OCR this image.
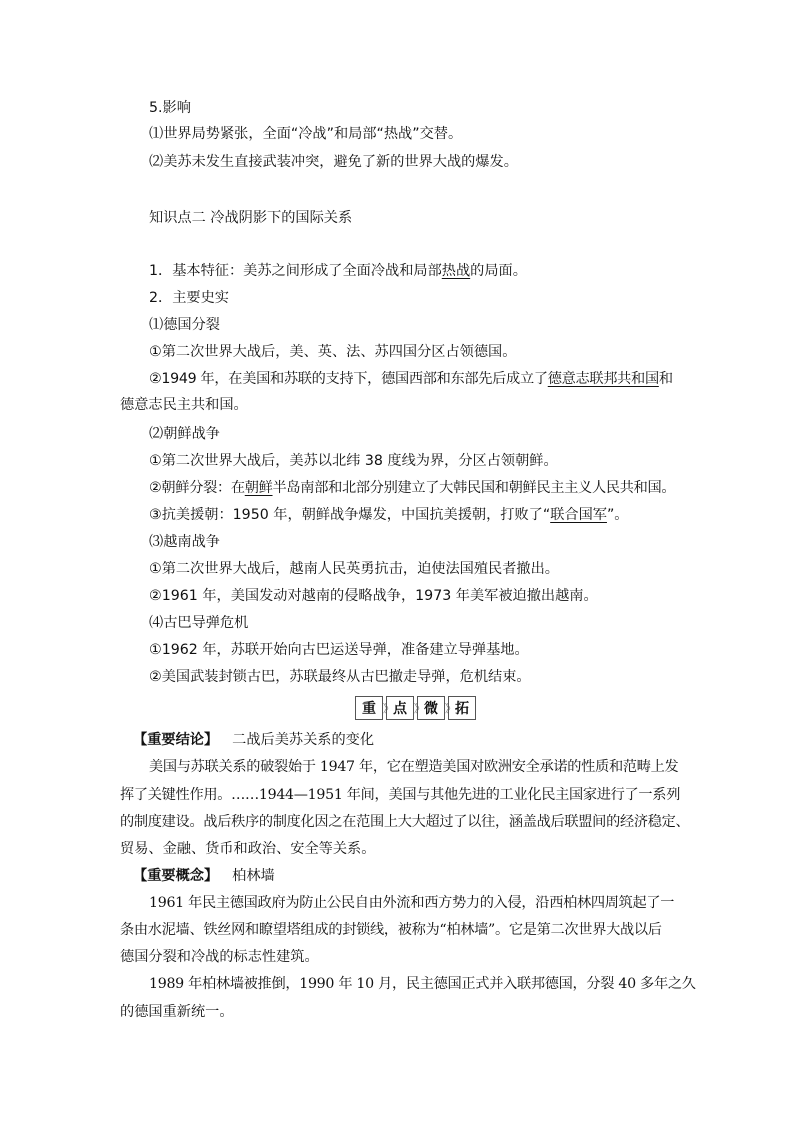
5.影响
⑴世界局势紧张，全面“冷战”和局部“热战”交替。
⑵美苏未发生直接武装冲突，避免了新的世界大战的爆发。
知识点二 冷战阴影下的国际关系
1．基本特征：美苏之间形成了全面冷战和局部热战的局面。
2．主要史实
⑴德国分裂
①第二次世界大战后，美、英、法、苏四国分区占领德国。
②1949 年，在美国和苏联的支持下，德国西部和东部先后成立了德意志联邦共和国和
德意志民主共和国。
⑵朝鲜战争
①第二次世界大战后，美苏以北纬 38 度线为界，分区占领朝鲜。
②朝鲜分裂：在朝鲜半岛南部和北部分别建立了大韩民国和朝鲜民主主义人民共和国。
③抗美援朝：1950 年，朝鲜战争爆发，中国抗美援朝，打败了“联合国军”。
⑶越南战争
①第二次世界大战后，越南人民英勇抗击，迫使法国殖民者撤出。
②1961 年，美国发动对越南的侵略战争，1973 年美军被迫撤出越南。
⑷古巴导弹危机
①1962 年，苏联开始向古巴运送导弹，准备建立导弹基地。
②美国武装封锁古巴，苏联最终从古巴撤走导弹，危机结束。
重 》	点 》	微 》	拓
【重要结论】 二战后美苏关系的变化
美国与苏联关系的破裂始于 1947 年，它在塑造美国对欧洲安全承诺的性质和范畴上发
挥了关键性作用。……1944—1951 年间，美国与其他先进的工业化民主国家进行了一系列
的制度建设。战后秩序的制度化因之在范围上大大超过了以往，涵盖战后联盟间的经济稳定、
贸易、金融、货币和政治、安全等关系。
【重要概念】 柏林墙
1961 年民主德国政府为防止公民自由外流和西方势力的入侵，沿西柏林四周筑起了一
条由水泥墙、铁丝网和瞭望塔组成的封锁线，被称为“柏林墙”。它是第二次世界大战以后
德国分裂和冷战的标志性建筑。
1989 年柏林墙被推倒，1990 年 10 月，民主德国正式并入联邦德国，分裂 40 多年之久
的德国重新统一。
